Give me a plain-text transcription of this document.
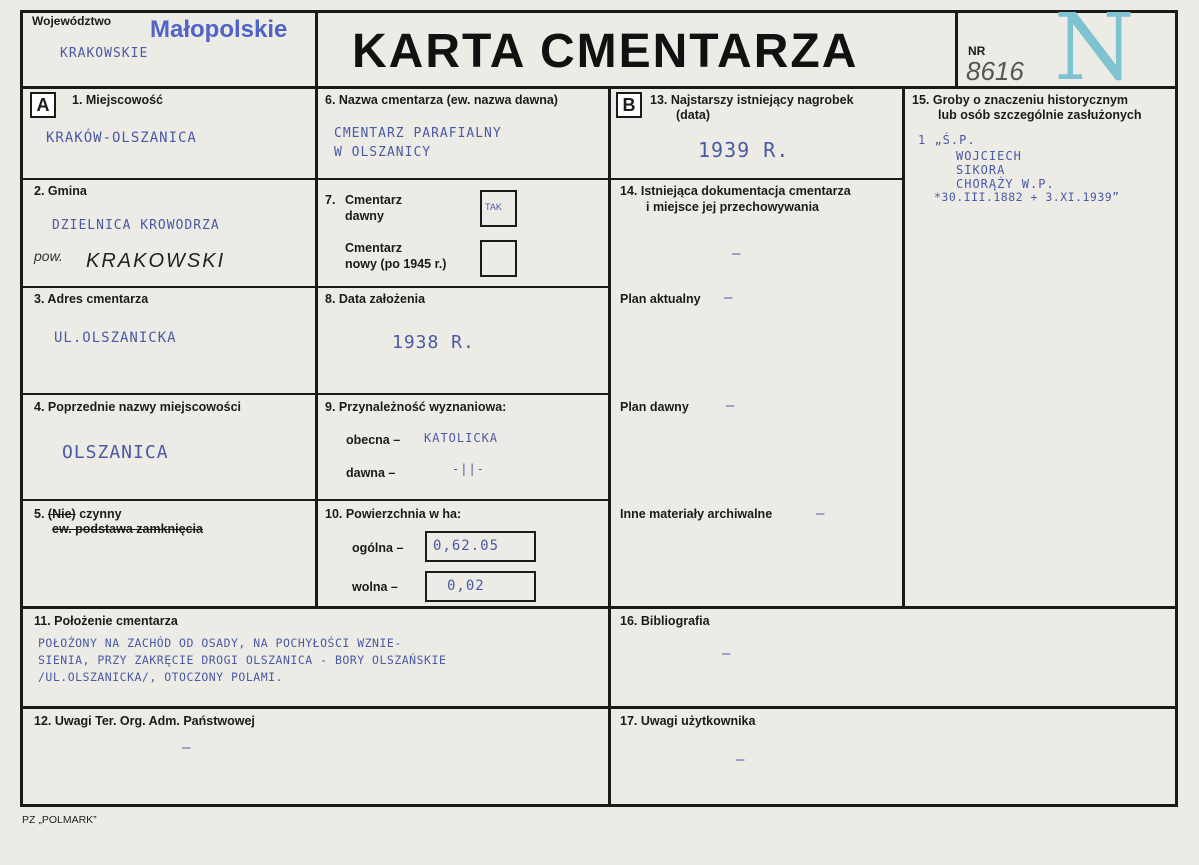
Województwo Małopolskie
KRAKOWSKIE	KARTA CMENTARZA	NR
8616 N
A	1. Miejscowość
KRAKÓW-OLSZANICA
2. Gmina
DZIELNICA KROWODRZA
pow. KRAKOWSKI
3. Adres cmentarza
UL.OLSZANICKA
4. Poprzednie nazwy miejscowości
OLSZANICA
5. (Nie) czynny
ew. podstawa zamknięcia
6. Nazwa cmentarza (ew. nazwa dawna)
CMENTARZ PARAFIALNY
W OLSZANICY
7. Cmentarz
dawny
TAK
Cmentarz
nowy (po 1945 r.)
8. Data założenia
1938 R.
9. Przynależność wyznaniowa:
obecna – KATOLICKA
dawna –	-||-
10. Powierzchnia w ha:
ogólna – 0,62.05
wolna –	0,02
B	13. Najstarszy istniejący nagrobek
(data)
1939 R.
14. Istniejąca dokumentacja cmentarza
i miejsce jej przechowywania
–
Plan aktualny –
Plan dawny	–
Inne materiały archiwalne	–
15. Groby o znaczeniu historycznym
lub osób szczególnie zasłużonych
1 „Ś.P.
WOJCIECH
SIKORA
CHORĄŻY W.P.
*30.III.1882 + 3.XI.1939”
11. Położenie cmentarza
POŁOŻONY NA ZACHÓD OD OSADY, NA POCHYŁOŚCI WZNIE-
SIENIA, PRZY ZAKRĘCIE DROGI OLSZANICA - BORY OLSZAŃSKIE
/UL.OLSZANICKA/, OTOCZONY POLAMI.
16. Bibliografia
–
12. Uwagi Ter. Org. Adm. Państwowej
–
17. Uwagi użytkownika
–
PZ „POLMARK”
